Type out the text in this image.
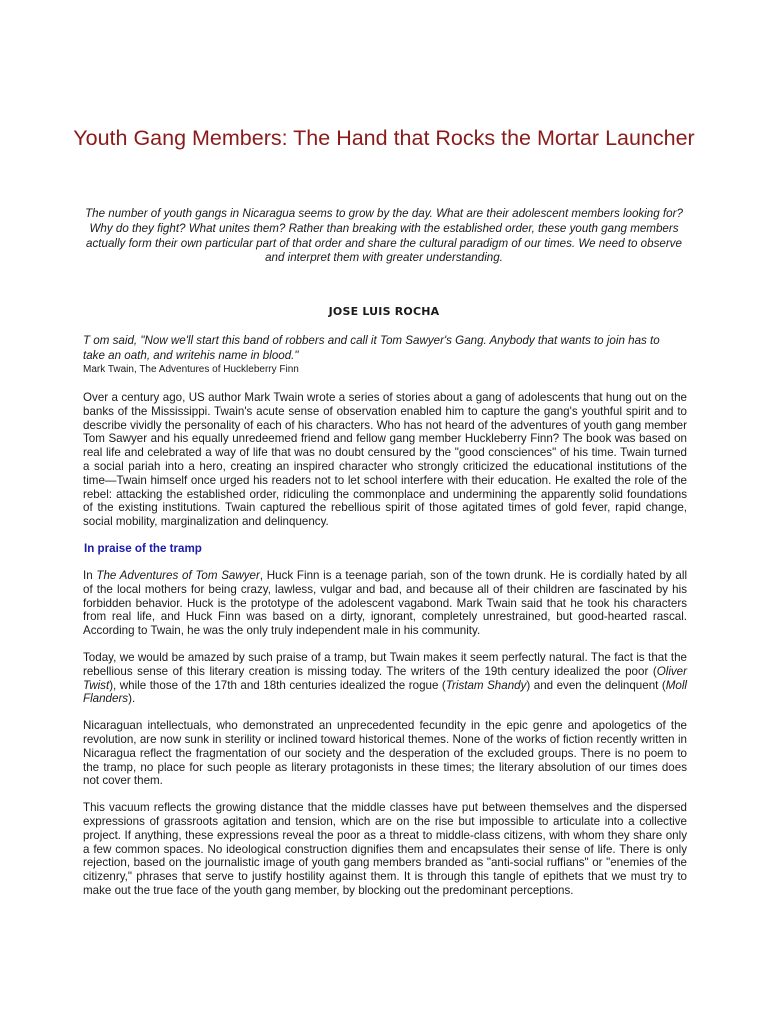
Youth Gang Members: The Hand that Rocks the Mortar Launcher

The number of youth gangs in Nicaragua seems to grow by the day. What are their adolescent members looking for? Why do they fight? What unites them? Rather than breaking with the established order, these youth gang members actually form their own particular part of that order and share the cultural paradigm of our times. We need to observe and interpret them with greater understanding.

JOSE LUIS ROCHA

T om said, "Now we'll start this band of robbers and call it Tom Sawyer's Gang. Anybody that wants to join has to take an oath, and writehis name in blood."
Mark Twain, The Adventures of Huckleberry Finn

Over a century ago, US author Mark Twain wrote a series of stories about a gang of adolescents that hung out on the banks of the Mississippi. Twain's acute sense of observation enabled him to capture the gang's youthful spirit and to describe vividly the personality of each of his characters. Who has not heard of the adventures of youth gang member Tom Sawyer and his equally unredeemed friend and fellow gang member Huckleberry Finn? The book was based on real life and celebrated a way of life that was no doubt censured by the "good consciences" of his time. Twain turned a social pariah into a hero, creating an inspired character who strongly criticized the educational institutions of the time—Twain himself once urged his readers not to let school interfere with their education. He exalted the role of the rebel: attacking the established order, ridiculing the commonplace and undermining the apparently solid foundations of the existing institutions. Twain captured the rebellious spirit of those agitated times of gold fever, rapid change, social mobility, marginalization and delinquency.

In praise of the tramp

In The Adventures of Tom Sawyer, Huck Finn is a teenage pariah, son of the town drunk. He is cordially hated by all of the local mothers for being crazy, lawless, vulgar and bad, and because all of their children are fascinated by his forbidden behavior. Huck is the prototype of the adolescent vagabond. Mark Twain said that he took his characters from real life, and Huck Finn was based on a dirty, ignorant, completely unrestrained, but good-hearted rascal. According to Twain, he was the only truly independent male in his community.

Today, we would be amazed by such praise of a tramp, but Twain makes it seem perfectly natural. The fact is that the rebellious sense of this literary creation is missing today. The writers of the 19th century idealized the poor (Oliver Twist), while those of the 17th and 18th centuries idealized the rogue (Tristam Shandy) and even the delinquent (Moll Flanders).

Nicaraguan intellectuals, who demonstrated an unprecedented fecundity in the epic genre and apologetics of the revolution, are now sunk in sterility or inclined toward historical themes. None of the works of fiction recently written in Nicaragua reflect the fragmentation of our society and the desperation of the excluded groups. There is no poem to the tramp, no place for such people as literary protagonists in these times; the literary absolution of our times does not cover them.

This vacuum reflects the growing distance that the middle classes have put between themselves and the dispersed expressions of grassroots agitation and tension, which are on the rise but impossible to articulate into a collective project. If anything, these expressions reveal the poor as a threat to middle-class citizens, with whom they share only a few common spaces. No ideological construction dignifies them and encapsulates their sense of life. There is only rejection, based on the journalistic image of youth gang members branded as "anti-social ruffians" or "enemies of the citizenry," phrases that serve to justify hostility against them. It is through this tangle of epithets that we must try to make out the true face of the youth gang member, by blocking out the predominant perceptions.
